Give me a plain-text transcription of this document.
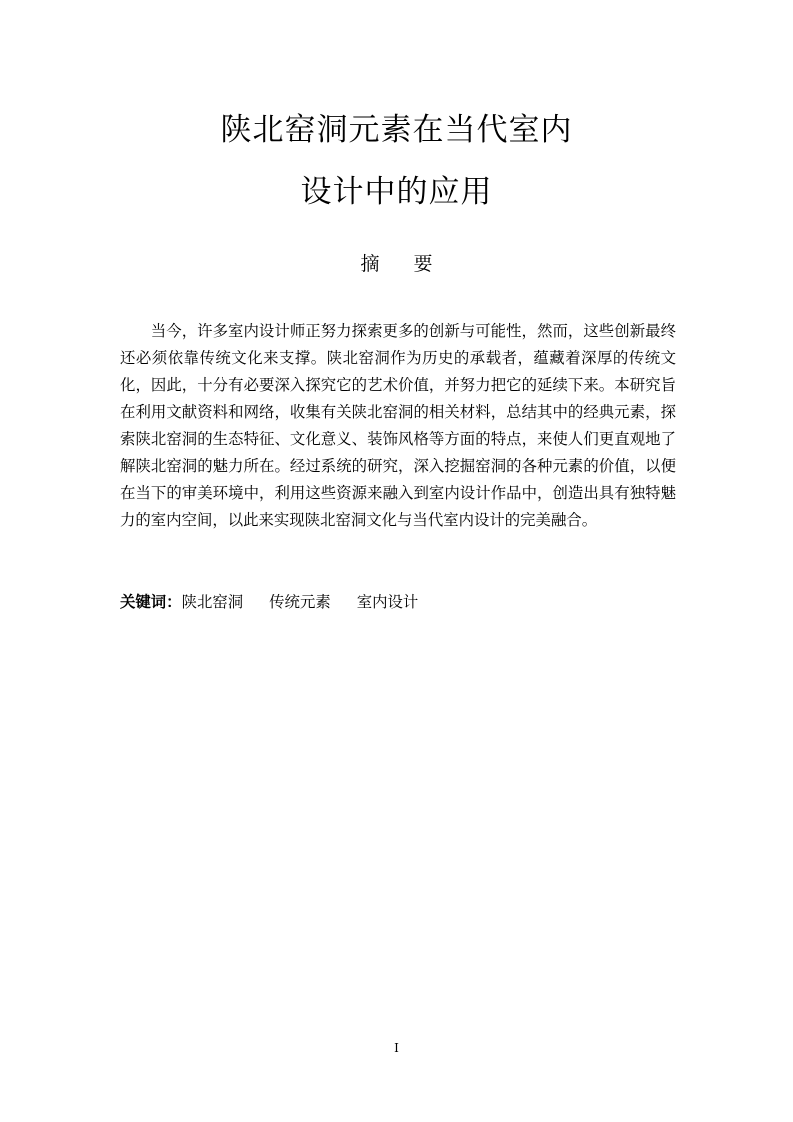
陕北窑洞元素在当代室内
设计中的应用
摘 要

当今，许多室内设计师正努力探索更多的创新与可能性，然而，这些创新最终还必须依靠传统文化来支撑。陕北窑洞作为历史的承载者，蕴藏着深厚的传统文化，因此，十分有必要深入探究它的艺术价值，并努力把它的延续下来。本研究旨在利用文献资料和网络，收集有关陕北窑洞的相关材料，总结其中的经典元素，探索陕北窑洞的生态特征、文化意义、装饰风格等方面的特点，来使人们更直观地了解陕北窑洞的魅力所在。经过系统的研究，深入挖掘窑洞的各种元素的价值，以便在当下的审美环境中，利用这些资源来融入到室内设计作品中，创造出具有独特魅力的室内空间，以此来实现陕北窑洞文化与当代室内设计的完美融合。

关键词：陕北窑洞 传统元素 室内设计
I
